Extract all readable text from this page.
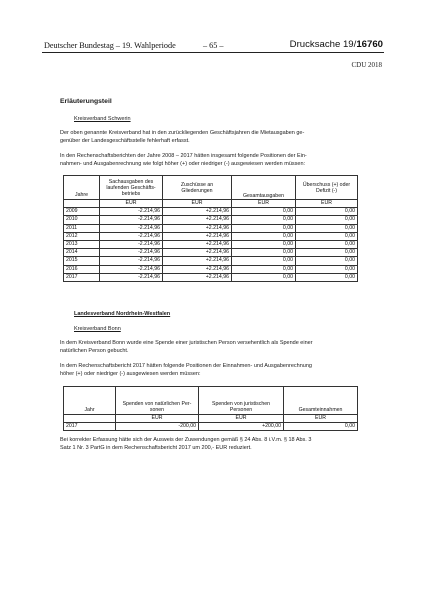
Deutscher Bundestag – 19. Wahlperiode	– 65 –	Drucksache 19/16760
CDU 2018
Erläuterungsteil
Kreisverband Schwerin
Der oben genannte Kreisverband hat in den zurückliegenden Geschäftsjahren die Mietausgaben ge-
genüber der Landesgeschäftsstelle fehlerhaft erfasst.
In den Rechenschaftsberichten der Jahre 2008 – 2017 hätten insgesamt folgende Positionen der Ein-
nahmen- und Ausgabenrechnung wie folgt höher (+) oder niedriger (-) ausgewiesen werden müssen:
Jahre	Sachausgaben des laufenden Geschäfts-betriebs	Zuschüsse an Gliederungen	Gesamtausgaben	Überschuss (+) oder Defizit (-)
	EUR	EUR	EUR	EUR
2009	-2.214,96	+2.214,96	0,00	0,00
2010	-2.214,96	+2.214,96	0,00	0,00
2011	-2.214,96	+2.214,96	0,00	0,00
2012	-2.214,96	+2.214,96	0,00	0,00
2013	-2.214,96	+2.214,96	0,00	0,00
2014	-2.214,96	+2.214,96	0,00	0,00
2015	-2.214,96	+2.214,96	0,00	0,00
2016	-2.214,96	+2.214,96	0,00	0,00
2017	-2.214,96	+2.214,96	0,00	0,00
Landesverband Nordrhein-Westfalen
Kreisverband Bonn
In dem Kreisverband Bonn wurde eine Spende einer juristischen Person versehentlich als Spende einer
natürlichen Person gebucht.
In dem Rechenschaftsbericht 2017 hätten folgende Positionen der Einnahmen- und Ausgabenrechnung
höher (+) oder niedriger (-) ausgewiesen werden müssen:
Jahr	Spenden von natürlichen Per-sonen	Spenden von juristischen Personen	Gesamteinnahmen
	EUR	EUR	EUR
2017	-200,00	+200,00	0,00
Bei korrekter Erfassung hätte sich der Ausweis der Zuwendungen gemäß § 24 Abs. 8 i.V.m. § 18 Abs. 3
Satz 1 Nr. 3 PartG in dem Rechenschaftsbericht 2017 um 200,- EUR reduziert.
